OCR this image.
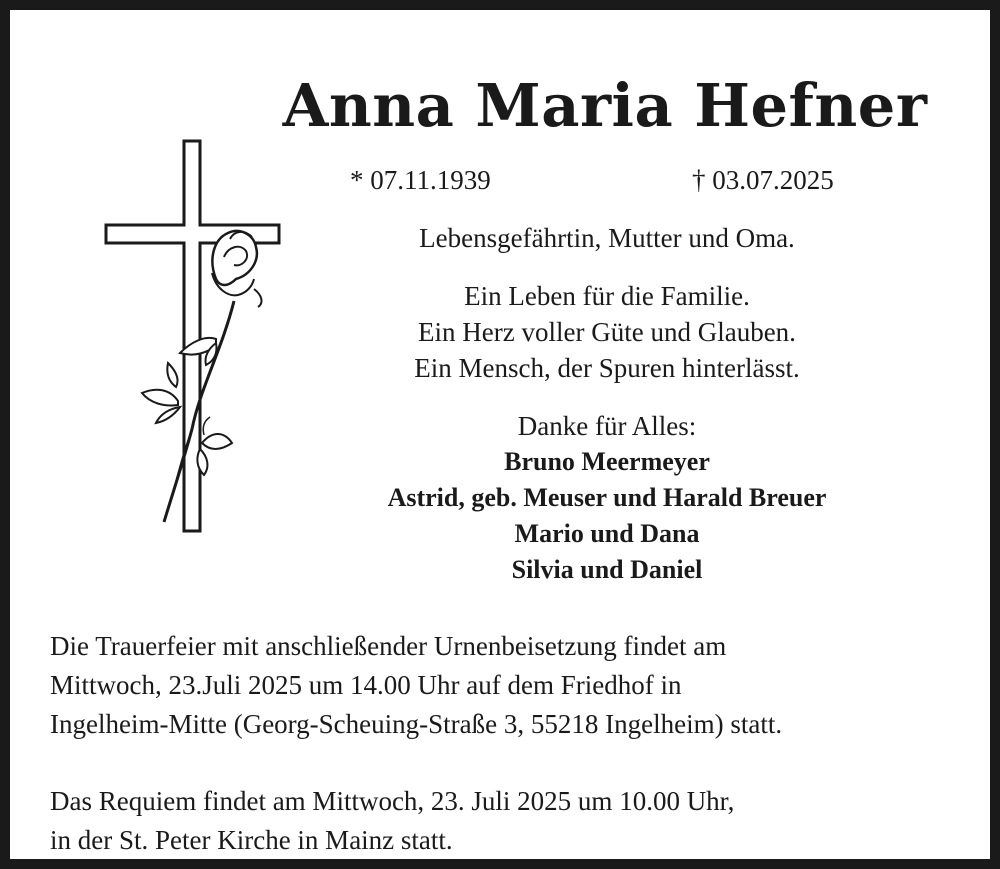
Anna Maria Hefner
* 07.11.1939	† 03.07.2025

Lebensgefährtin, Mutter und Oma.

Ein Leben für die Familie.

Ein Herz voller Güte und Glauben.

Ein Mensch, der Spuren hinterlässt.

Danke für Alles:

Bruno Meermeyer

Astrid, geb. Meuser und Harald Breuer

Mario und Dana

Silvia und Daniel

Die Trauerfeier mit anschließender Urnenbeisetzung findet am

Mittwoch, 23.Juli 2025 um 14.00 Uhr auf dem Friedhof in

Ingelheim-Mitte (Georg-Scheuing-Straße 3, 55218 Ingelheim) statt.

Das Requiem findet am Mittwoch, 23. Juli 2025 um 10.00 Uhr,

in der St. Peter Kirche in Mainz statt.
